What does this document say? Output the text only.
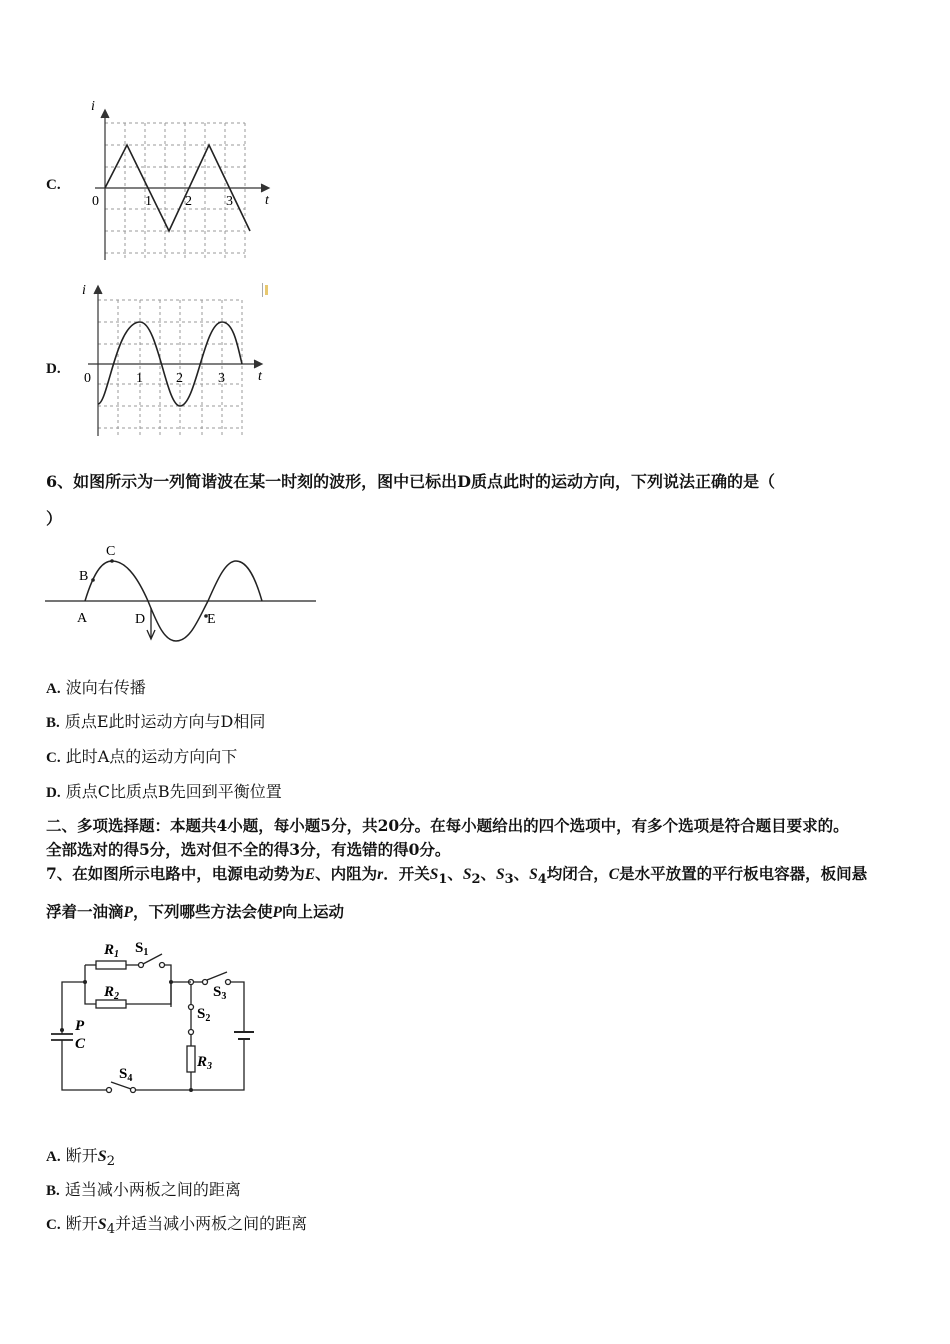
C.
i
t
0	1 2 3
D.
i
t
0	1 2	3
6、如图所示为一列简谐波在某一时刻的波形，图中已标出D质点此时的运动方向，下列说法正确的是（
）
A
B
C
D	E
A. 波向右传播
B. 质点E此时运动方向与D相同
C. 此时A点的运动方向向下
D. 质点C比质点B先回到平衡位置
二、多项选择题：本题共4小题，每小题5分，共20分。在每小题给出的四个选项中，有多个选项是符合题目要求的。
全部选对的得5分，选对但不全的得3分，有选错的得0分。
7、在如图所示电路中，电源电动势为E、内阻为r．开关$S_1$、$S_2$、$S_3$、$S_4$均闭合，C是水平放置的平行板电容器，板间悬
浮着一油滴P，下列哪些方法会使P向上运动
$R_1$ $S_1$
$R_2$	$S_3$
$S_2$
$R_3$
$S_4$
P
C
A. 断开$S_2$
B. 适当减小两板之间的距离
C. 断开$S_4$并适当减小两板之间的距离
